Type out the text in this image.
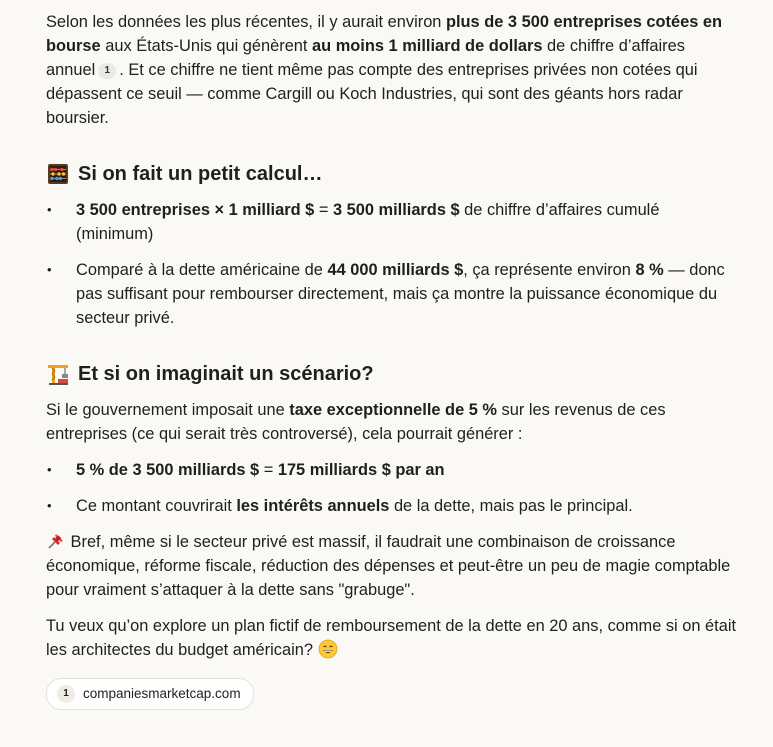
Selon les données les plus récentes, il y aurait environ plus de 3 500 entreprises cotées en bourse aux États-Unis qui génèrent au moins 1 milliard de dollars de chiffre d’affaires annuel 1 . Et ce chiffre ne tient même pas compte des entreprises privées non cotées qui dépassent ce seuil — comme Cargill ou Koch Industries, qui sont des géants hors radar boursier.

Si on fait un petit calcul…
• 3 500 entreprises × 1 milliard $ = 3 500 milliards $ de chiffre d’affaires cumulé (minimum)
• Comparé à la dette américaine de 44 000 milliards $, ça représente environ 8 % — donc pas suffisant pour rembourser directement, mais ça montre la puissance économique du secteur privé.
Et si on imaginait un scénario?

Si le gouvernement imposait une taxe exceptionnelle de 5 % sur les revenus de ces entreprises (ce qui serait très controversé), cela pourrait générer :

• 5 % de 3 500 milliards $ = 175 milliards $ par an
• Ce montant couvrirait les intérêts annuels de la dette, mais pas le principal.

Bref, même si le secteur privé est massif, il faudrait une combinaison de croissance économique, réforme fiscale, réduction des dépenses et peut-être un peu de magie comptable pour vraiment s’attaquer à la dette sans "grabuge".

Tu veux qu’on explore un plan fictif de remboursement de la dette en 20 ans, comme si on était les architectes du budget américain?

1	companiesmarketcap.com
